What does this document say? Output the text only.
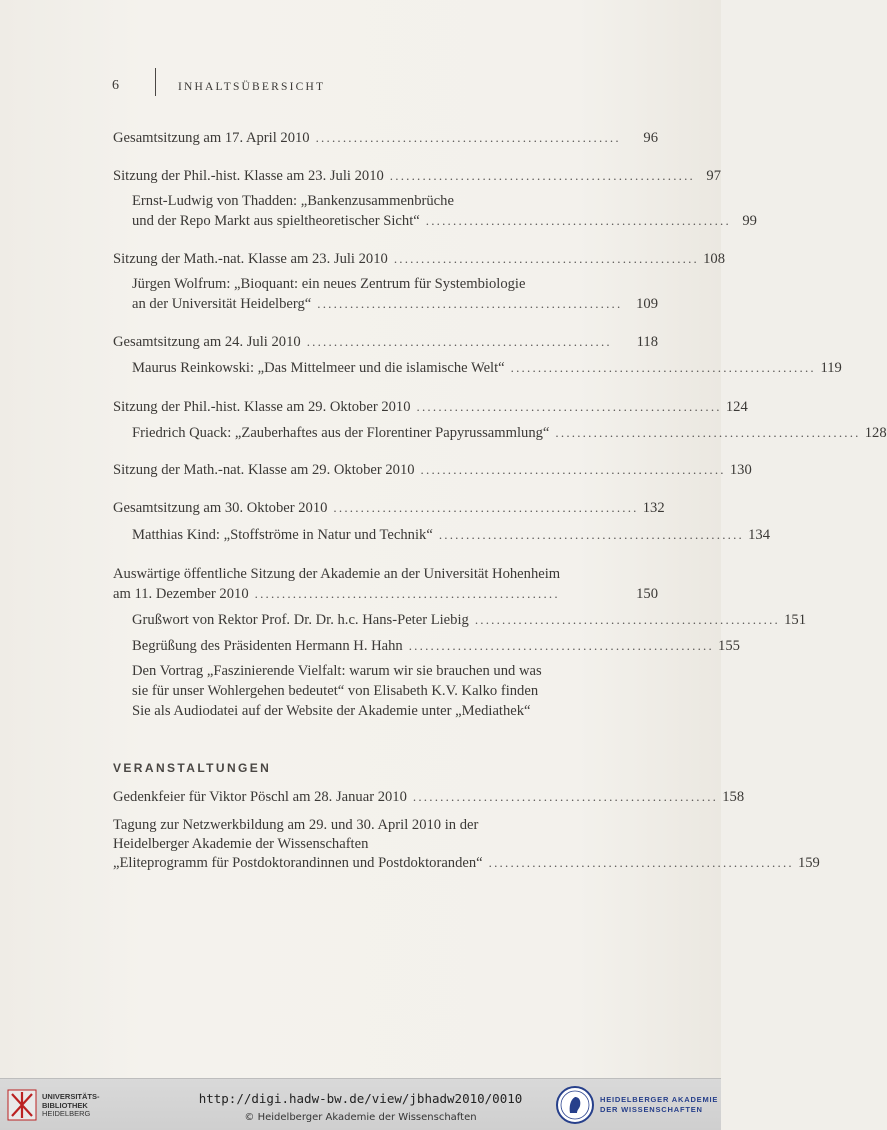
6	INHALTSÜBERSICHT
Gesamtsitzung am 17. April 2010 ........................................................	96
Sitzung der Phil.-hist. Klasse am 23. Juli 2010 ........................................................ 97
Ernst-Ludwig von Thadden: „Bankenzusammenbrüche
und der Repo Markt aus spieltheoretischer Sicht“ ........................................................ 99
Sitzung der Math.-nat. Klasse am 23. Juli 2010 ........................................................ 108
Jürgen Wolfrum: „Bioquant: ein neues Zentrum für Systembiologie
an der Universität Heidelberg“ ........................................................ 109
Gesamtsitzung am 24. Juli 2010 ........................................................	118
Maurus Reinkowski: „Das Mittelmeer und die islamische Welt“ ........................................................ 119
Sitzung der Phil.-hist. Klasse am 29. Oktober 2010 ........................................................ 124
Friedrich Quack: „Zauberhaftes aus der Florentiner Papyrussammlung“ ........................................................ 128
Sitzung der Math.-nat. Klasse am 29. Oktober 2010 ........................................................ 130
Gesamtsitzung am 30. Oktober 2010 ........................................................ 132
Matthias Kind: „Stoffströme in Natur und Technik“ ........................................................ 134
Auswärtige öffentliche Sitzung der Akademie an der Universität Hohenheim
am 11. Dezember 2010 ........................................................	150
Grußwort von Rektor Prof. Dr. Dr. h.c. Hans-Peter Liebig ........................................................ 151
Begrüßung des Präsidenten Hermann H. Hahn ........................................................ 155
Den Vortrag „Faszinierende Vielfalt: warum wir sie brauchen und was
sie für unser Wohlergehen bedeutet“ von Elisabeth K.V. Kalko finden
Sie als Audiodatei auf der Website der Akademie unter „Mediathek“
VERANSTALTUNGEN
Gedenkfeier für Viktor Pöschl am 28. Januar 2010 ........................................................ 158
Tagung zur Netzwerkbildung am 29. und 30. April 2010 in der
Heidelberger Akademie der Wissenschaften
„Eliteprogramm für Postdoktorandinnen und Postdoktoranden“ ........................................................ 159
UNIVERSITÄTS-
BIBLIOTHEK
HEIDELBERG
http://digi.hadw-bw.de/view/jbhadw2010/0010
© Heidelberger Akademie der Wissenschaften
HEIDELBERGER AKADEMIE
DER WISSENSCHAFTEN
